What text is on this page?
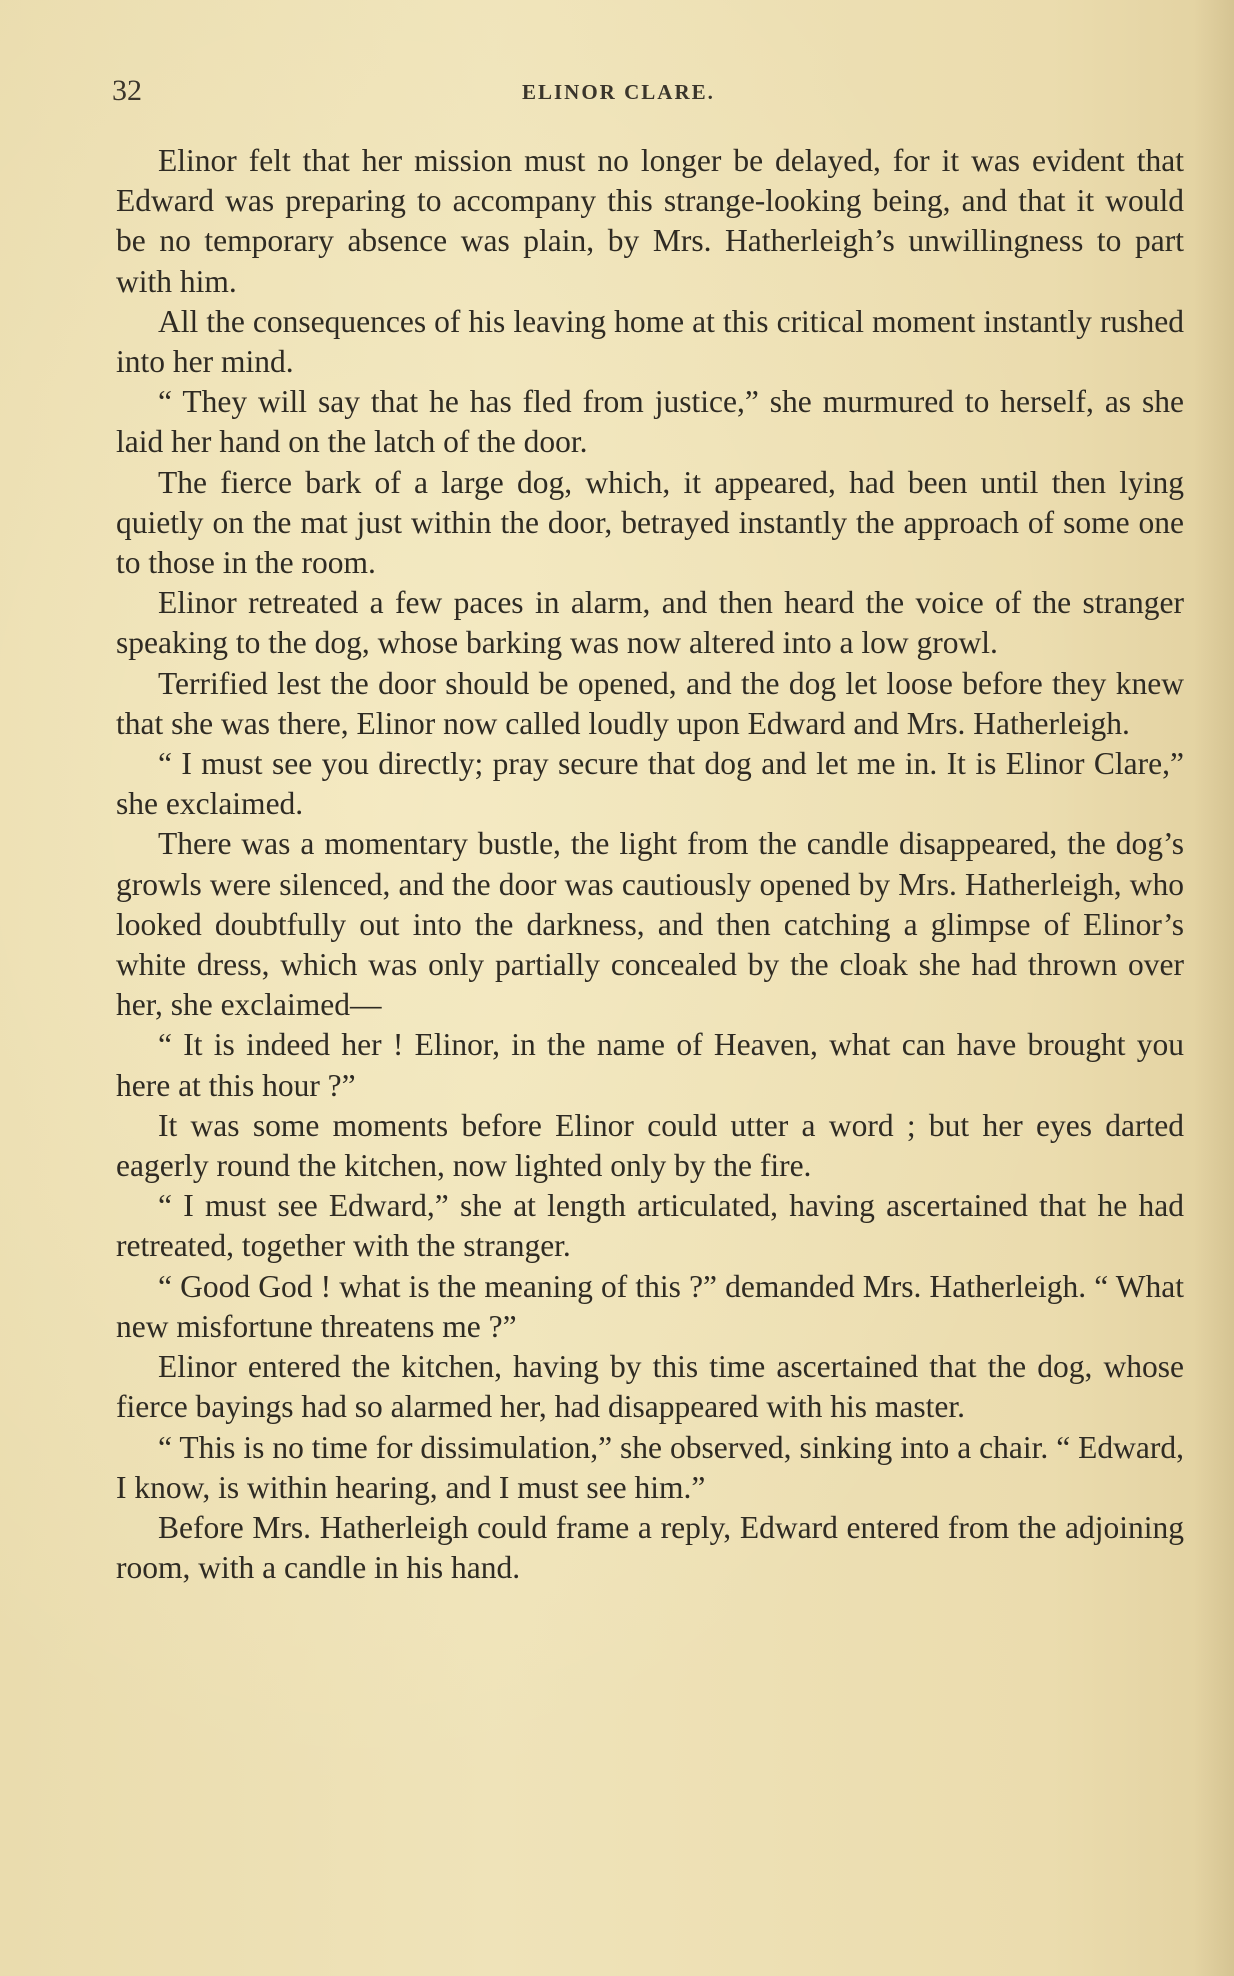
32	ELINOR CLARE.

Elinor felt that her mission must no longer be delayed, for it was evident that Edward was preparing to accompany this strange-looking being, and that it would be no temporary absence was plain, by Mrs. Hatherleigh’s unwillingness to part with him.

All the consequences of his leaving home at this critical moment instantly rushed into her mind.

“ They will say that he has fled from justice,” she murmured to herself, as she laid her hand on the latch of the door.

The fierce bark of a large dog, which, it appeared, had been until then lying quietly on the mat just within the door, betrayed instantly the approach of some one to those in the room.

Elinor retreated a few paces in alarm, and then heard the voice of the stranger speaking to the dog, whose barking was now altered into a low growl.

Terrified lest the door should be opened, and the dog let loose before they knew that she was there, Elinor now called loudly upon Edward and Mrs. Hatherleigh.

“ I must see you directly; pray secure that dog and let me in. It is Elinor Clare,” she exclaimed.

There was a momentary bustle, the light from the candle disappeared, the dog’s growls were silenced, and the door was cautiously opened by Mrs. Hatherleigh, who looked doubtfully out into the darkness, and then catching a glimpse of Elinor’s white dress, which was only partially concealed by the cloak she had thrown over her, she exclaimed—

“ It is indeed her ! Elinor, in the name of Heaven, what can have brought you here at this hour ?”

It was some moments before Elinor could utter a word ; but her eyes darted eagerly round the kitchen, now lighted only by the fire.

“ I must see Edward,” she at length articulated, having ascertained that he had retreated, together with the stranger.

“ Good God ! what is the meaning of this ?” demanded Mrs. Hatherleigh. “ What new misfortune threatens me ?”

Elinor entered the kitchen, having by this time ascertained that the dog, whose fierce bayings had so alarmed her, had disappeared with his master.

“ This is no time for dissimulation,” she observed, sinking into a chair. “ Edward, I know, is within hearing, and I must see him.”

Before Mrs. Hatherleigh could frame a reply, Edward entered from the adjoining room, with a candle in his hand.
